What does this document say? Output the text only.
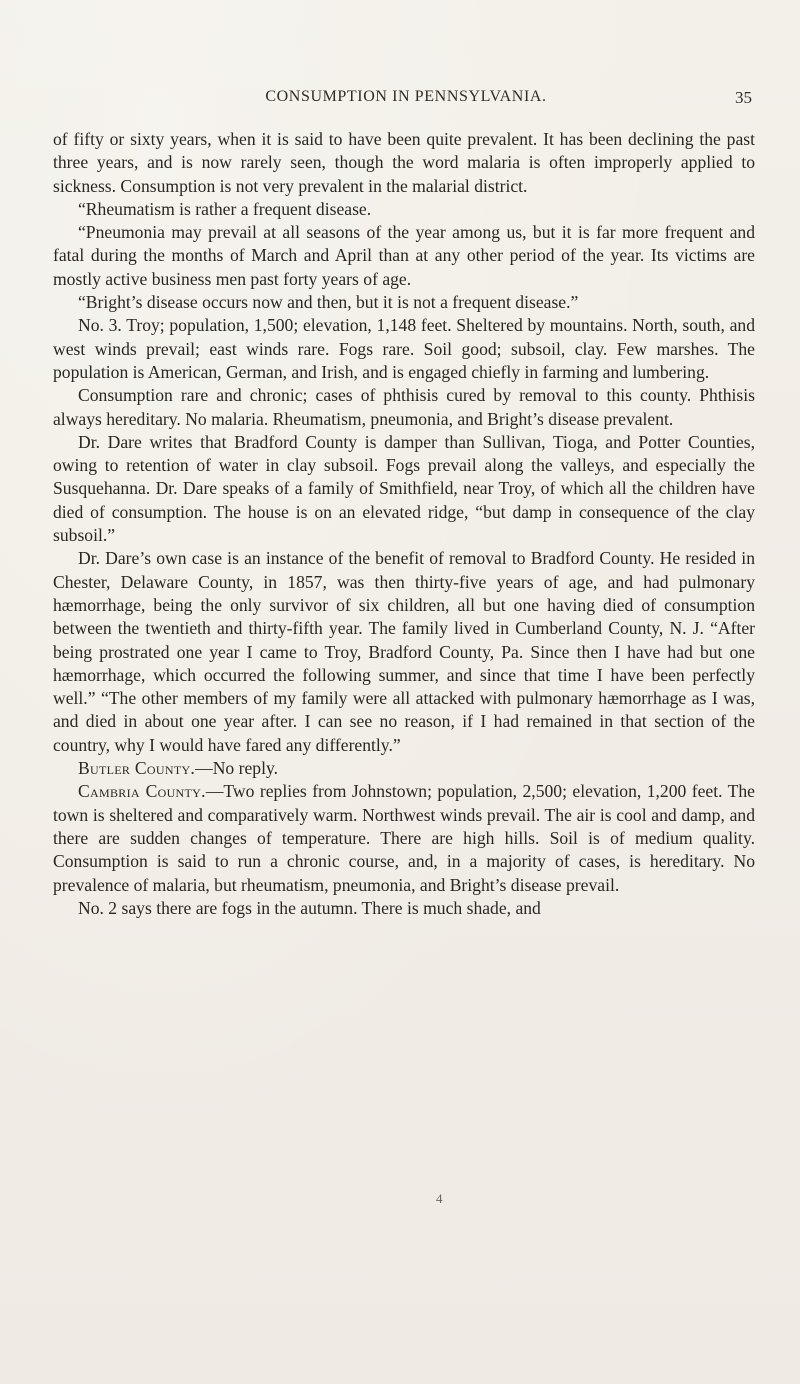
CONSUMPTION IN PENNSYLVANIA.	35

of fifty or sixty years, when it is said to have been quite prevalent. It has been declining the past three years, and is now rarely seen, though the word malaria is often improperly applied to sickness. Consumption is not very prevalent in the malarial district.

“Rheumatism is rather a frequent disease.

“Pneumonia may prevail at all seasons of the year among us, but it is far more frequent and fatal during the months of March and April than at any other period of the year. Its victims are mostly active business men past forty years of age.

“Bright’s disease occurs now and then, but it is not a frequent disease.”

No. 3. Troy; population, 1,500; elevation, 1,148 feet. Sheltered by mountains. North, south, and west winds prevail; east winds rare. Fogs rare. Soil good; subsoil, clay. Few marshes. The population is American, German, and Irish, and is engaged chiefly in farming and lumbering.

Consumption rare and chronic; cases of phthisis cured by removal to this county. Phthisis always hereditary. No malaria. Rheumatism, pneumonia, and Bright’s disease prevalent.

Dr. Dare writes that Bradford County is damper than Sullivan, Tioga, and Potter Counties, owing to retention of water in clay subsoil. Fogs prevail along the valleys, and especially the Susquehanna. Dr. Dare speaks of a family of Smithfield, near Troy, of which all the children have died of consumption. The house is on an elevated ridge, “but damp in consequence of the clay subsoil.”

Dr. Dare’s own case is an instance of the benefit of removal to Bradford County. He resided in Chester, Delaware County, in 1857, was then thirty-five years of age, and had pulmonary hæmorrhage, being the only survivor of six children, all but one having died of consumption between the twentieth and thirty-fifth year. The family lived in Cumberland County, N. J. “After being prostrated one year I came to Troy, Bradford County, Pa. Since then I have had but one hæmorrhage, which occurred the following summer, and since that time I have been perfectly well.” “The other members of my family were all attacked with pulmonary hæmorrhage as I was, and died in about one year after. I can see no reason, if I had remained in that section of the country, why I would have fared any differently.”

Butler County.—No reply.

Cambria County.—Two replies from Johnstown; population, 2,500; elevation, 1,200 feet. The town is sheltered and comparatively warm. Northwest winds prevail. The air is cool and damp, and there are sudden changes of temperature. There are high hills. Soil is of medium quality. Consumption is said to run a chronic course, and, in a majority of cases, is hereditary. No prevalence of malaria, but rheumatism, pneumonia, and Bright’s disease prevail.

No. 2 says there are fogs in the autumn. There is much shade, and

4
